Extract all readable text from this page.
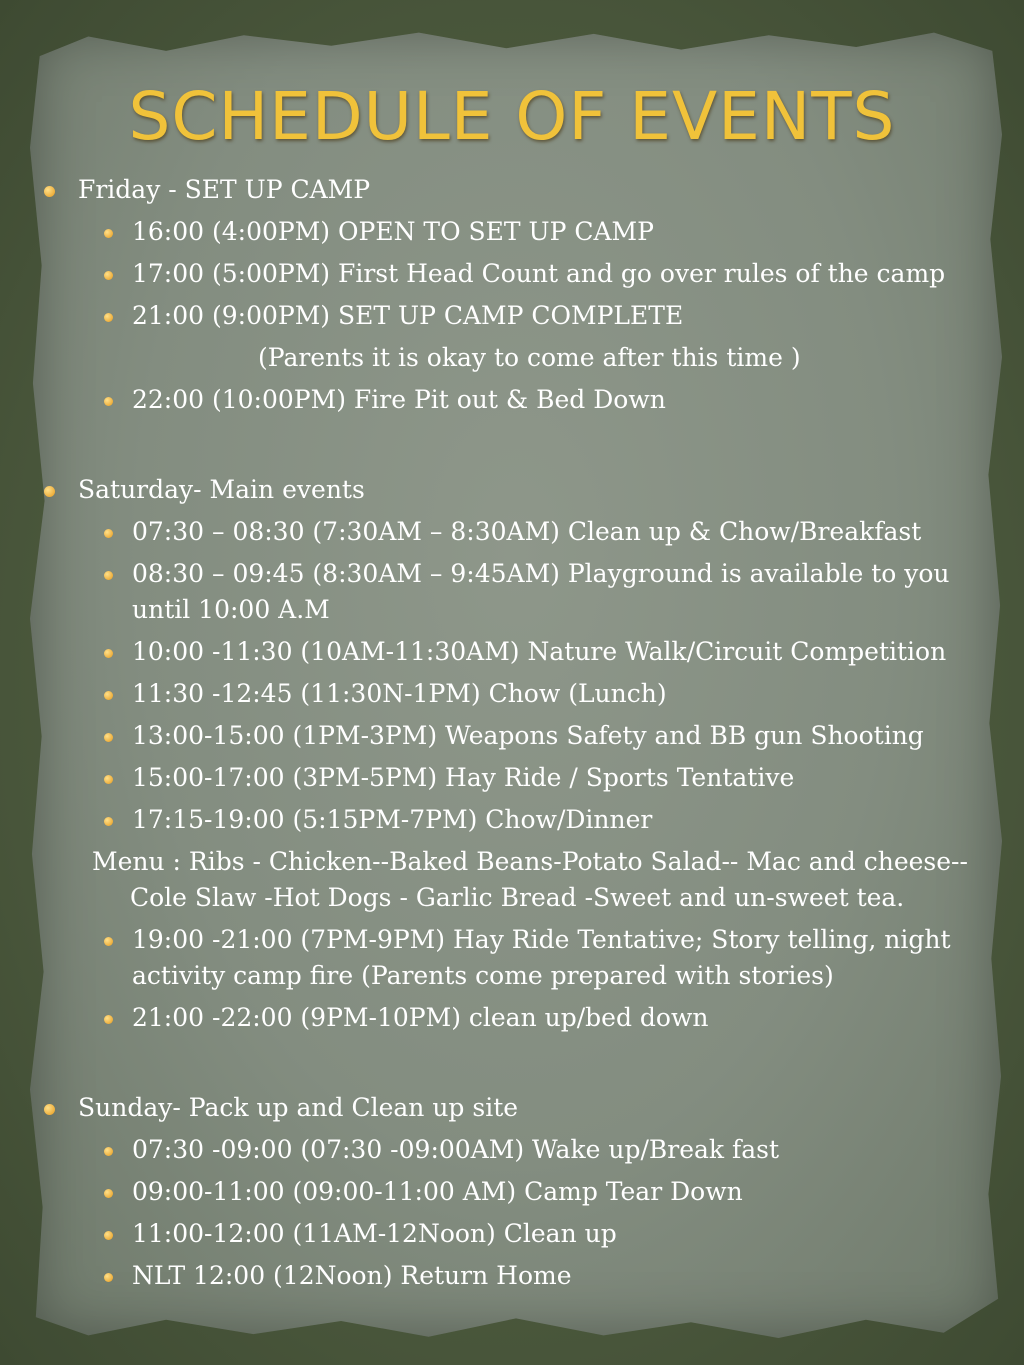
SCHEDULE OF EVENTS

Friday - SET UP CAMP

16:00 (4:00PM) OPEN TO SET UP CAMP

17:00 (5:00PM) First Head Count and go over rules of the camp

21:00 (9:00PM) SET UP CAMP COMPLETE

(Parents it is okay to come after this time )

22:00 (10:00PM) Fire Pit out & Bed Down

Saturday- Main events

07:30 – 08:30 (7:30AM – 8:30AM) Clean up & Chow/Breakfast

08:30 – 09:45 (8:30AM – 9:45AM) Playground is available to you until 10:00 A.M

10:00 -11:30 (10AM-11:30AM) Nature Walk/Circuit Competition

11:30 -12:45 (11:30N-1PM) Chow (Lunch)

13:00-15:00 (1PM-3PM) Weapons Safety and BB gun Shooting

15:00-17:00 (3PM-5PM) Hay Ride / Sports Tentative

17:15-19:00 (5:15PM-7PM) Chow/Dinner

Menu : Ribs - Chicken--Baked Beans-Potato Salad-- Mac and cheese--Cole Slaw -Hot Dogs - Garlic Bread -Sweet and un-sweet tea.

19:00 -21:00 (7PM-9PM) Hay Ride Tentative; Story telling, night activity camp fire (Parents come prepared with stories)

21:00 -22:00 (9PM-10PM) clean up/bed down

Sunday- Pack up and Clean up site

07:30 -09:00 (07:30 -09:00AM) Wake up/Break fast

09:00-11:00 (09:00-11:00 AM) Camp Tear Down

11:00-12:00 (11AM-12Noon) Clean up

NLT 12:00 (12Noon) Return Home
